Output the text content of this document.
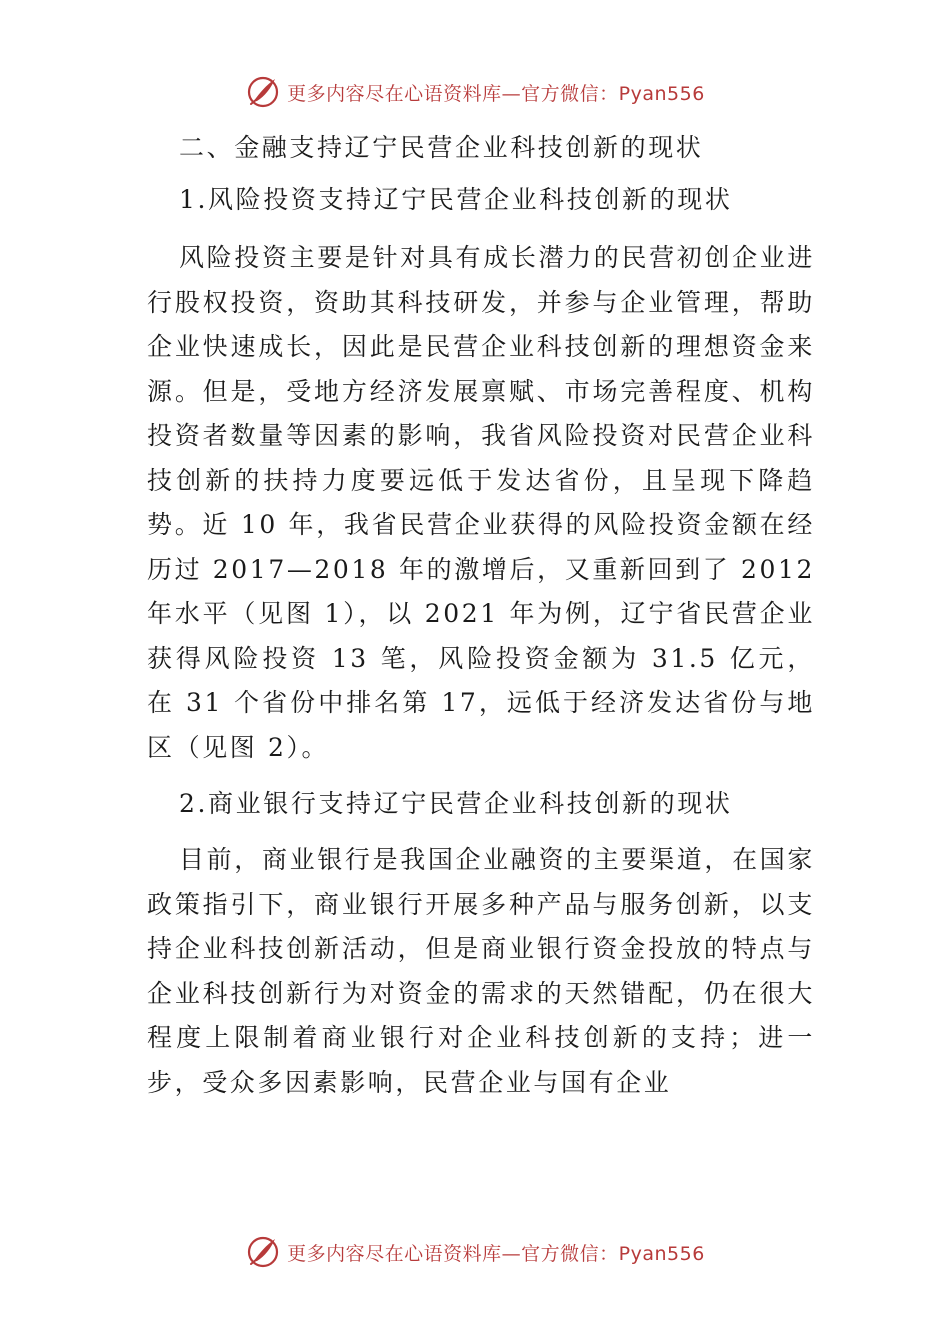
更多内容尽在心语资料库—官方微信：Pyan556

二、金融支持辽宁民营企业科技创新的现状

1.风险投资支持辽宁民营企业科技创新的现状

风险投资主要是针对具有成长潜力的民营初创企业进行股权投资，资助其科技研发，并参与企业管理，帮助企业快速成长，因此是民营企业科技创新的理想资金来源。但是，受地方经济发展禀赋、市场完善程度、机构投资者数量等因素的影响，我省风险投资对民营企业科技创新的扶持力度要远低于发达省份，且呈现下降趋势。近 10 年，我省民营企业获得的风险投资金额在经历过 2017—2018 年的激增后，又重新回到了 2012 年水平（见图 1），以 2021 年为例，辽宁省民营企业获得风险投资 13 笔，风险投资金额为 31.5 亿元，在 31 个省份中排名第 17，远低于经济发达省份与地区（见图 2）。

2.商业银行支持辽宁民营企业科技创新的现状

目前，商业银行是我国企业融资的主要渠道，在国家政策指引下，商业银行开展多种产品与服务创新，以支持企业科技创新活动，但是商业银行资金投放的特点与企业科技创新行为对资金的需求的天然错配，仍在很大程度上限制着商业银行对企业科技创新的支持；进一步，受众多因素影响，民营企业与国有企业

更多内容尽在心语资料库—官方微信：Pyan556
